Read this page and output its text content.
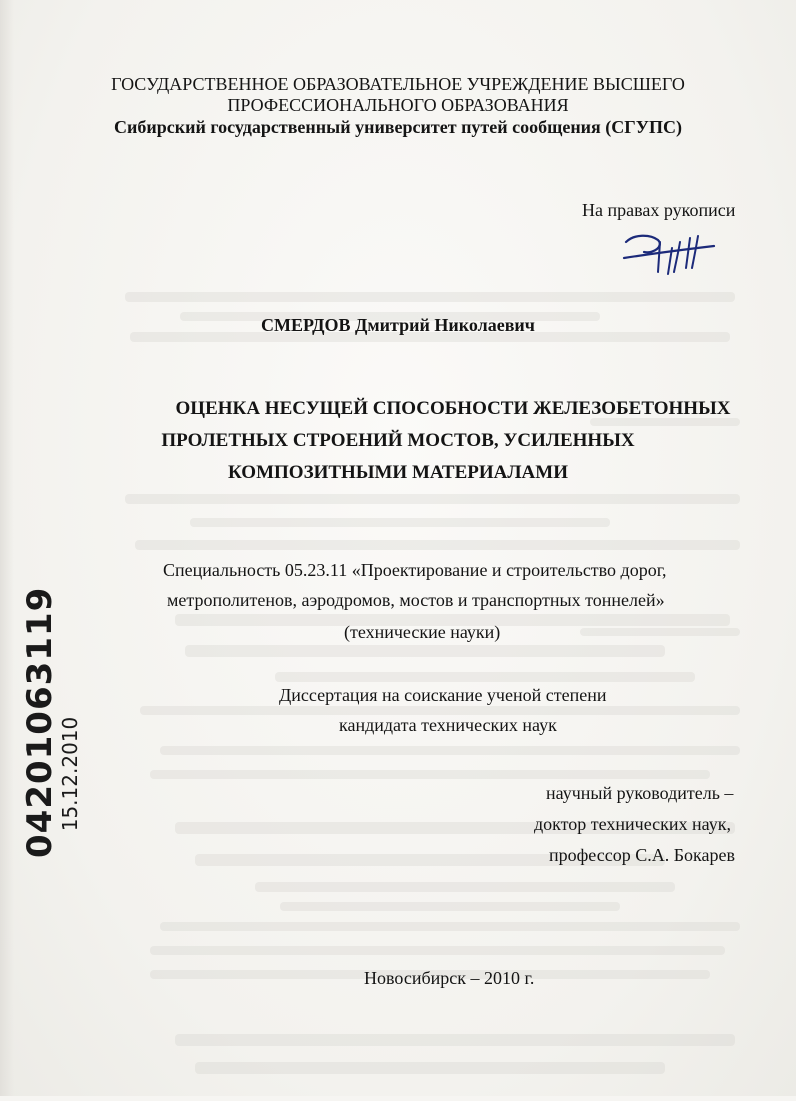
ГОСУДАРСТВЕННОЕ ОБРАЗОВАТЕЛЬНОЕ УЧРЕЖДЕНИЕ ВЫСШЕГО
ПРОФЕССИОНАЛЬНОГО ОБРАЗОВАНИЯ
Сибирский государственный университет путей сообщения (СГУПС)
На правах рукописи
СМЕРДОВ Дмитрий Николаевич
ОЦЕНКА НЕСУЩЕЙ СПОСОБНОСТИ ЖЕЛЕЗОБЕТОННЫХ
ПРОЛЕТНЫХ СТРОЕНИЙ МОСТОВ, УСИЛЕННЫХ
КОМПОЗИТНЫМИ МАТЕРИАЛАМИ
Специальность 05.23.11 «Проектирование и строительство дорог,
метрополитенов, аэродромов, мостов и транспортных тоннелей»
(технические науки)
Диссертация на соискание ученой степени
кандидата технических наук
научный руководитель –
доктор технических наук,
профессор С.А. Бокарев
Новосибирск – 2010 г.
04201063119
15.12.2010
